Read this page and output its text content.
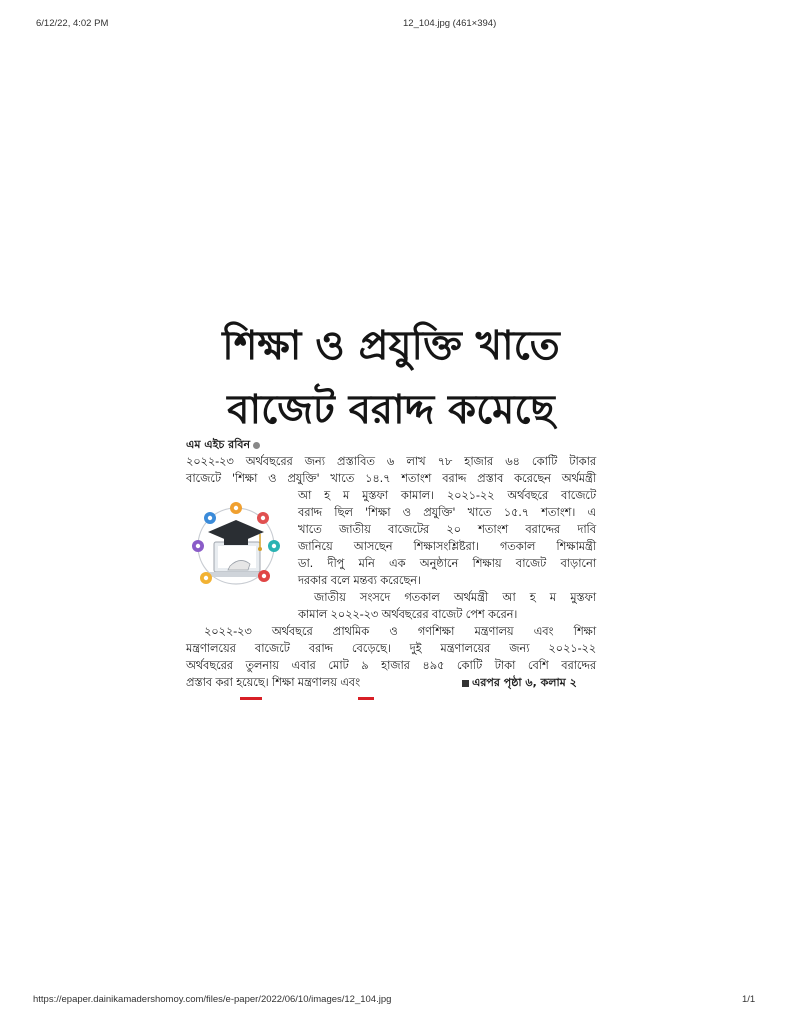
6/12/22, 4:02 PM	12_104.jpg (461×394)
শিক্ষা ও প্রযুক্তি খাতে
বাজেট বরাদ্দ কমেছে
এম এইচ রবিন
২০২২-২৩ অর্থবছরের জন্য প্রস্তাবিত ৬ লাখ ৭৮ হাজার ৬৪ কোটি টাকার
বাজেটে 'শিক্ষা ও প্রযুক্তি' খাতে ১৪.৭ শতাংশ বরাদ্দ প্রস্তাব করেছেন অর্থমন্ত্রী
আ হ ম মুস্তফা কামাল। ২০২১-২২ অর্থবছরে বাজেটে
বরাদ্দ ছিল 'শিক্ষা ও প্রযুক্তি' খাতে ১৫.৭ শতাংশ। এ
খাতে জাতীয় বাজেটের ২০ শতাংশ বরাদ্দের দাবি
জানিয়ে আসছেন শিক্ষাসংশ্লিষ্টরা। গতকাল শিক্ষামন্ত্রী
ডা. দীপু মনি এক অনুষ্ঠানে শিক্ষায় বাজেট বাড়ানো
দরকার বলে মন্তব্য করেছেন।
জাতীয় সংসদে গতকাল অর্থমন্ত্রী আ হ ম মুস্তফা
কামাল ২০২২-২৩ অর্থবছরের বাজেট পেশ করেন।
২০২২-২৩ অর্থবছরে প্রাথমিক ও গণশিক্ষা মন্ত্রণালয় এবং শিক্ষা
মন্ত্রণালয়ের বাজেটে বরাদ্দ বেড়েছে। দুই মন্ত্রণালয়ের জন্য ২০২১-২২
অর্থবছরের তুলনায় এবার মোট ৯ হাজার ৪৯৫ কোটি টাকা বেশি বরাদ্দের
প্রস্তাব করা হয়েছে। শিক্ষা মন্ত্রণালয় এবং	এরপর পৃষ্ঠা ৬, কলাম ২
https://epaper.dainikamadershomoy.com/files/e-paper/2022/06/10/images/12_104.jpg	1/1
